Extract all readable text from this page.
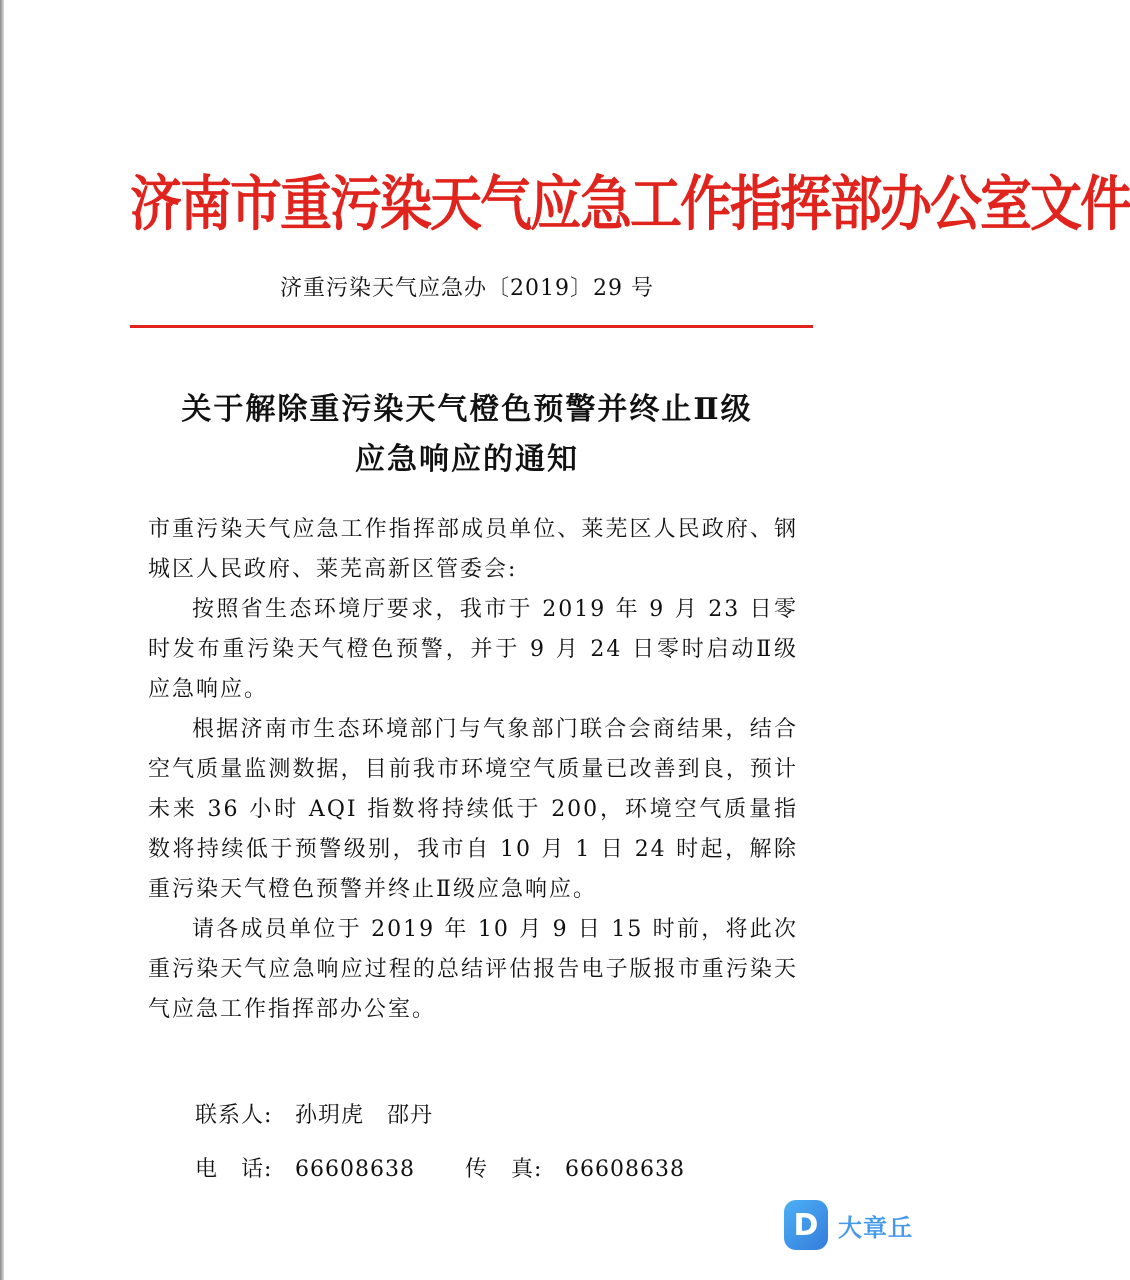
济南市重污染天气应急工作指挥部办公室文件
济重污染天气应急办〔2019〕29 号
关于解除重污染天气橙色预警并终止Ⅱ级
应急响应的通知

市重污染天气应急工作指挥部成员单位、莱芜区人民政府、钢城区人民政府、莱芜高新区管委会:

按照省生态环境厅要求，我市于 2019 年 9 月 23 日零时发布重污染天气橙色预警，并于 9 月 24 日零时启动Ⅱ级应急响应。

根据济南市生态环境部门与气象部门联合会商结果，结合空气质量监测数据，目前我市环境空气质量已改善到良，预计未来 36 小时 AQI 指数将持续低于 200，环境空气质量指数将持续低于预警级别，我市自 10 月 1 日 24 时起，解除重污染天气橙色预警并终止Ⅱ级应急响应。

请各成员单位于 2019 年 10 月 9 日 15 时前，将此次重污染天气应急响应过程的总结评估报告电子版报市重污染天气应急工作指挥部办公室。

联系人:	孙玥虎　邵丹
电　话:	66608638 传　真:	66608638
D 大章丘
